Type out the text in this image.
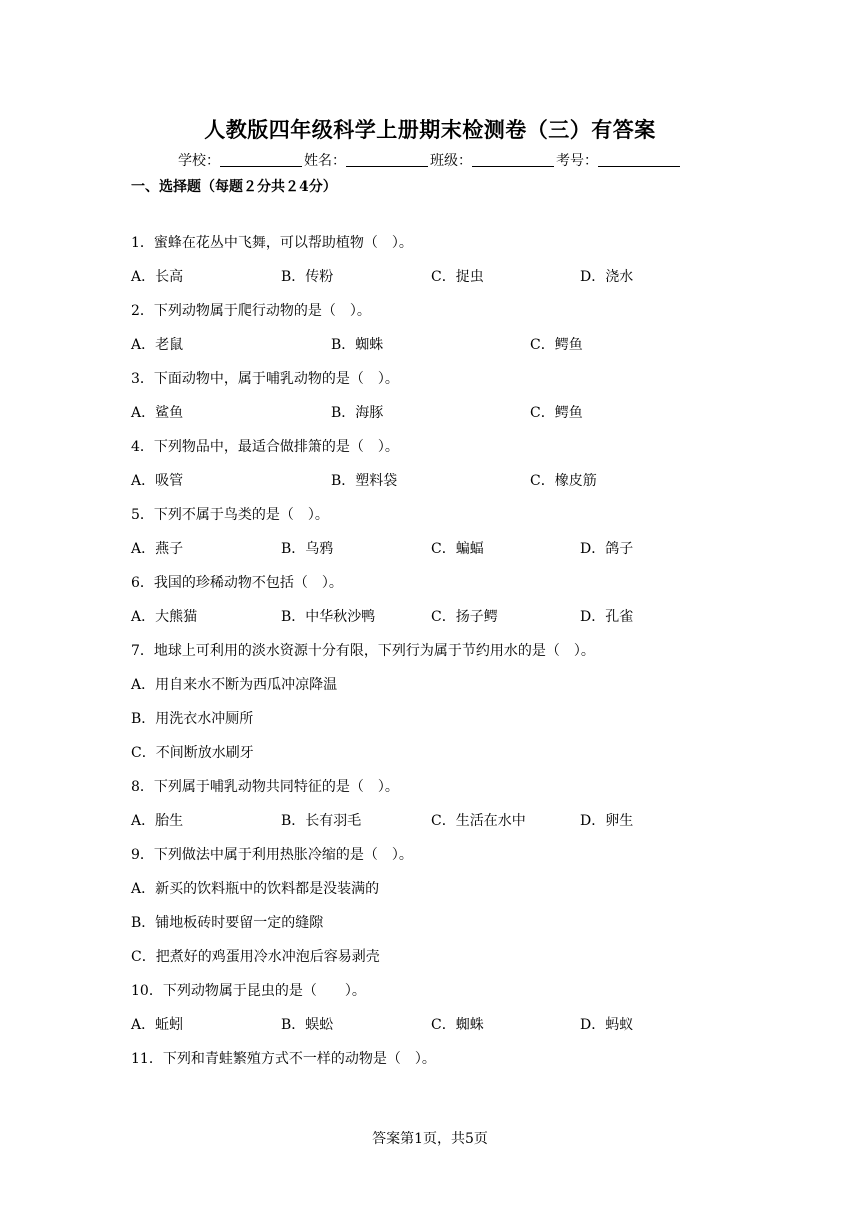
人教版四年级科学上册期末检测卷（三）有答案
学校：	姓名：	班级：	考号：
一、选择题（每题２分共２4分）
1．蜜蜂在花丛中飞舞，可以帮助植物（　）。
A．长高	B．传粉	C．捉虫	D．浇水
2．下列动物属于爬行动物的是（　）。
A．老鼠	B．蜘蛛	C．鳄鱼
3．下面动物中，属于哺乳动物的是（　）。
A．鲨鱼	B．海豚	C．鳄鱼
4．下列物品中，最适合做排箫的是（　）。
A．吸管	B．塑料袋	C．橡皮筋
5．下列不属于鸟类的是（　）。
A．燕子	B．乌鸦	C．蝙蝠	D．鸽子
6．我国的珍稀动物不包括（　）。
A．大熊猫	B．中华秋沙鸭	C．扬子鳄	D．孔雀
7．地球上可利用的淡水资源十分有限，下列行为属于节约用水的是（　）。
A．用自来水不断为西瓜冲凉降温
B．用洗衣水冲厕所
C．不间断放水刷牙
8．下列属于哺乳动物共同特征的是（　）。
A．胎生	B．长有羽毛	C．生活在水中	D．卵生
9．下列做法中属于利用热胀冷缩的是（　）。
A．新买的饮料瓶中的饮料都是没装满的
B．铺地板砖时要留一定的缝隙
C．把煮好的鸡蛋用冷水冲泡后容易剥壳
10．下列动物属于昆虫的是（　　）。
A．蚯蚓	B．蜈蚣	C．蜘蛛	D．蚂蚁
11．下列和青蛙繁殖方式不一样的动物是（　）。
答案第1页，共5页
